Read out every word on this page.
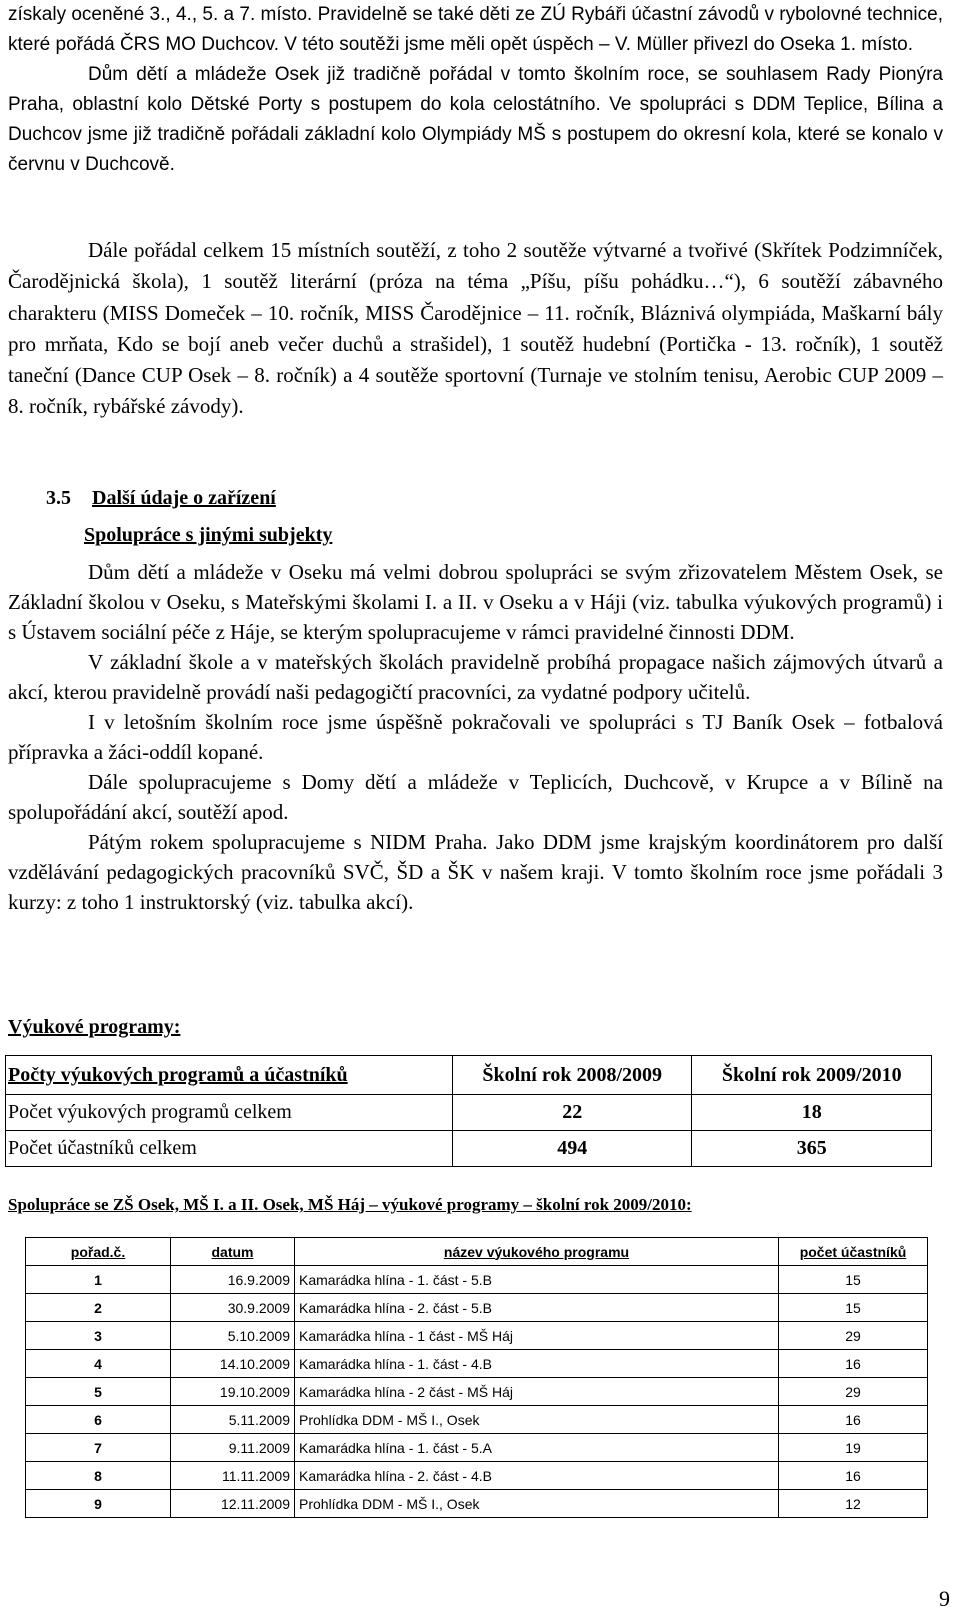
získaly oceněné 3., 4., 5. a 7. místo. Pravidelně se také děti ze ZÚ Rybáři účastní závodů v rybolovné technice, které pořádá ČRS MO Duchcov. V této soutěži jsme měli opět úspěch – V. Müller přivezl do Oseka 1. místo.

Dům dětí a mládeže Osek již tradičně pořádal v tomto školním roce, se souhlasem Rady Pionýra Praha, oblastní kolo Dětské Porty s postupem do kola celostátního. Ve spolupráci s DDM Teplice, Bílina a Duchcov jsme již tradičně pořádali základní kolo Olympiády MŠ s postupem do okresní kola, které se konalo v červnu v Duchcově.

Dále pořádal celkem 15 místních soutěží, z toho 2 soutěže výtvarné a tvořivé (Skřítek Podzimníček, Čarodějnická škola), 1 soutěž literární (próza na téma „Píšu, píšu pohádku…“), 6 soutěží zábavného charakteru (MISS Domeček – 10. ročník, MISS Čarodějnice – 11. ročník, Bláznivá olympiáda, Maškarní bály pro mrňata, Kdo se bojí aneb večer duchů a strašidel), 1 soutěž hudební (Portička - 13. ročník), 1 soutěž taneční (Dance CUP Osek – 8. ročník) a 4 soutěže sportovní (Turnaje ve stolním tenisu, Aerobic CUP 2009 – 8. ročník, rybářské závody).

3.5 Další údaje o zařízení
Spolupráce s jinými subjekty

Dům dětí a mládeže v Oseku má velmi dobrou spolupráci se svým zřizovatelem Městem Osek, se Základní školou v Oseku, s Mateřskými školami I. a II. v Oseku a v Háji (viz. tabulka výukových programů) i s Ústavem sociální péče z Háje, se kterým spolupracujeme v rámci pravidelné činnosti DDM.

V základní škole a v mateřských školách pravidelně probíhá propagace našich zájmových útvarů a akcí, kterou pravidelně provádí naši pedagogičtí pracovníci, za vydatné podpory učitelů.

I v letošním školním roce jsme úspěšně pokračovali ve spolupráci s TJ Baník Osek – fotbalová přípravka a žáci-oddíl kopané.

Dále spolupracujeme s Domy dětí a mládeže v Teplicích, Duchcově, v Krupce a v Bílině na spolupořádání akcí, soutěží apod.

Pátým rokem spolupracujeme s NIDM Praha. Jako DDM jsme krajským koordinátorem pro další vzdělávání pedagogických pracovníků SVČ, ŠD a ŠK v našem kraji. V tomto školním roce jsme pořádali 3 kurzy: z toho 1 instruktorský (viz. tabulka akcí).

Výukové programy:
Počty výukových programů a účastníků	Školní rok 2008/2009	Školní rok 2009/2010
Počet výukových programů celkem	22	18
Počet účastníků celkem	494	365
Spolupráce se ZŠ Osek, MŠ I. a II. Osek, MŠ Háj – výukové programy – školní rok 2009/2010:
pořad.č.	datum	název výukového programu	počet účastníků
1	16.9.2009	Kamarádka hlína - 1. část - 5.B	15
2	30.9.2009	Kamarádka hlína - 2. část - 5.B	15
3	5.10.2009	Kamarádka hlína - 1 část - MŠ Háj	29
4	14.10.2009	Kamarádka hlína - 1. část - 4.B	16
5	19.10.2009	Kamarádka hlína - 2 část - MŠ Háj	29
6	5.11.2009	Prohlídka DDM - MŠ I., Osek	16
7	9.11.2009	Kamarádka hlína - 1. část - 5.A	19
8	11.11.2009	Kamarádka hlína - 2. část - 4.B	16
9	12.11.2009	Prohlídka DDM - MŠ I., Osek	12
9
